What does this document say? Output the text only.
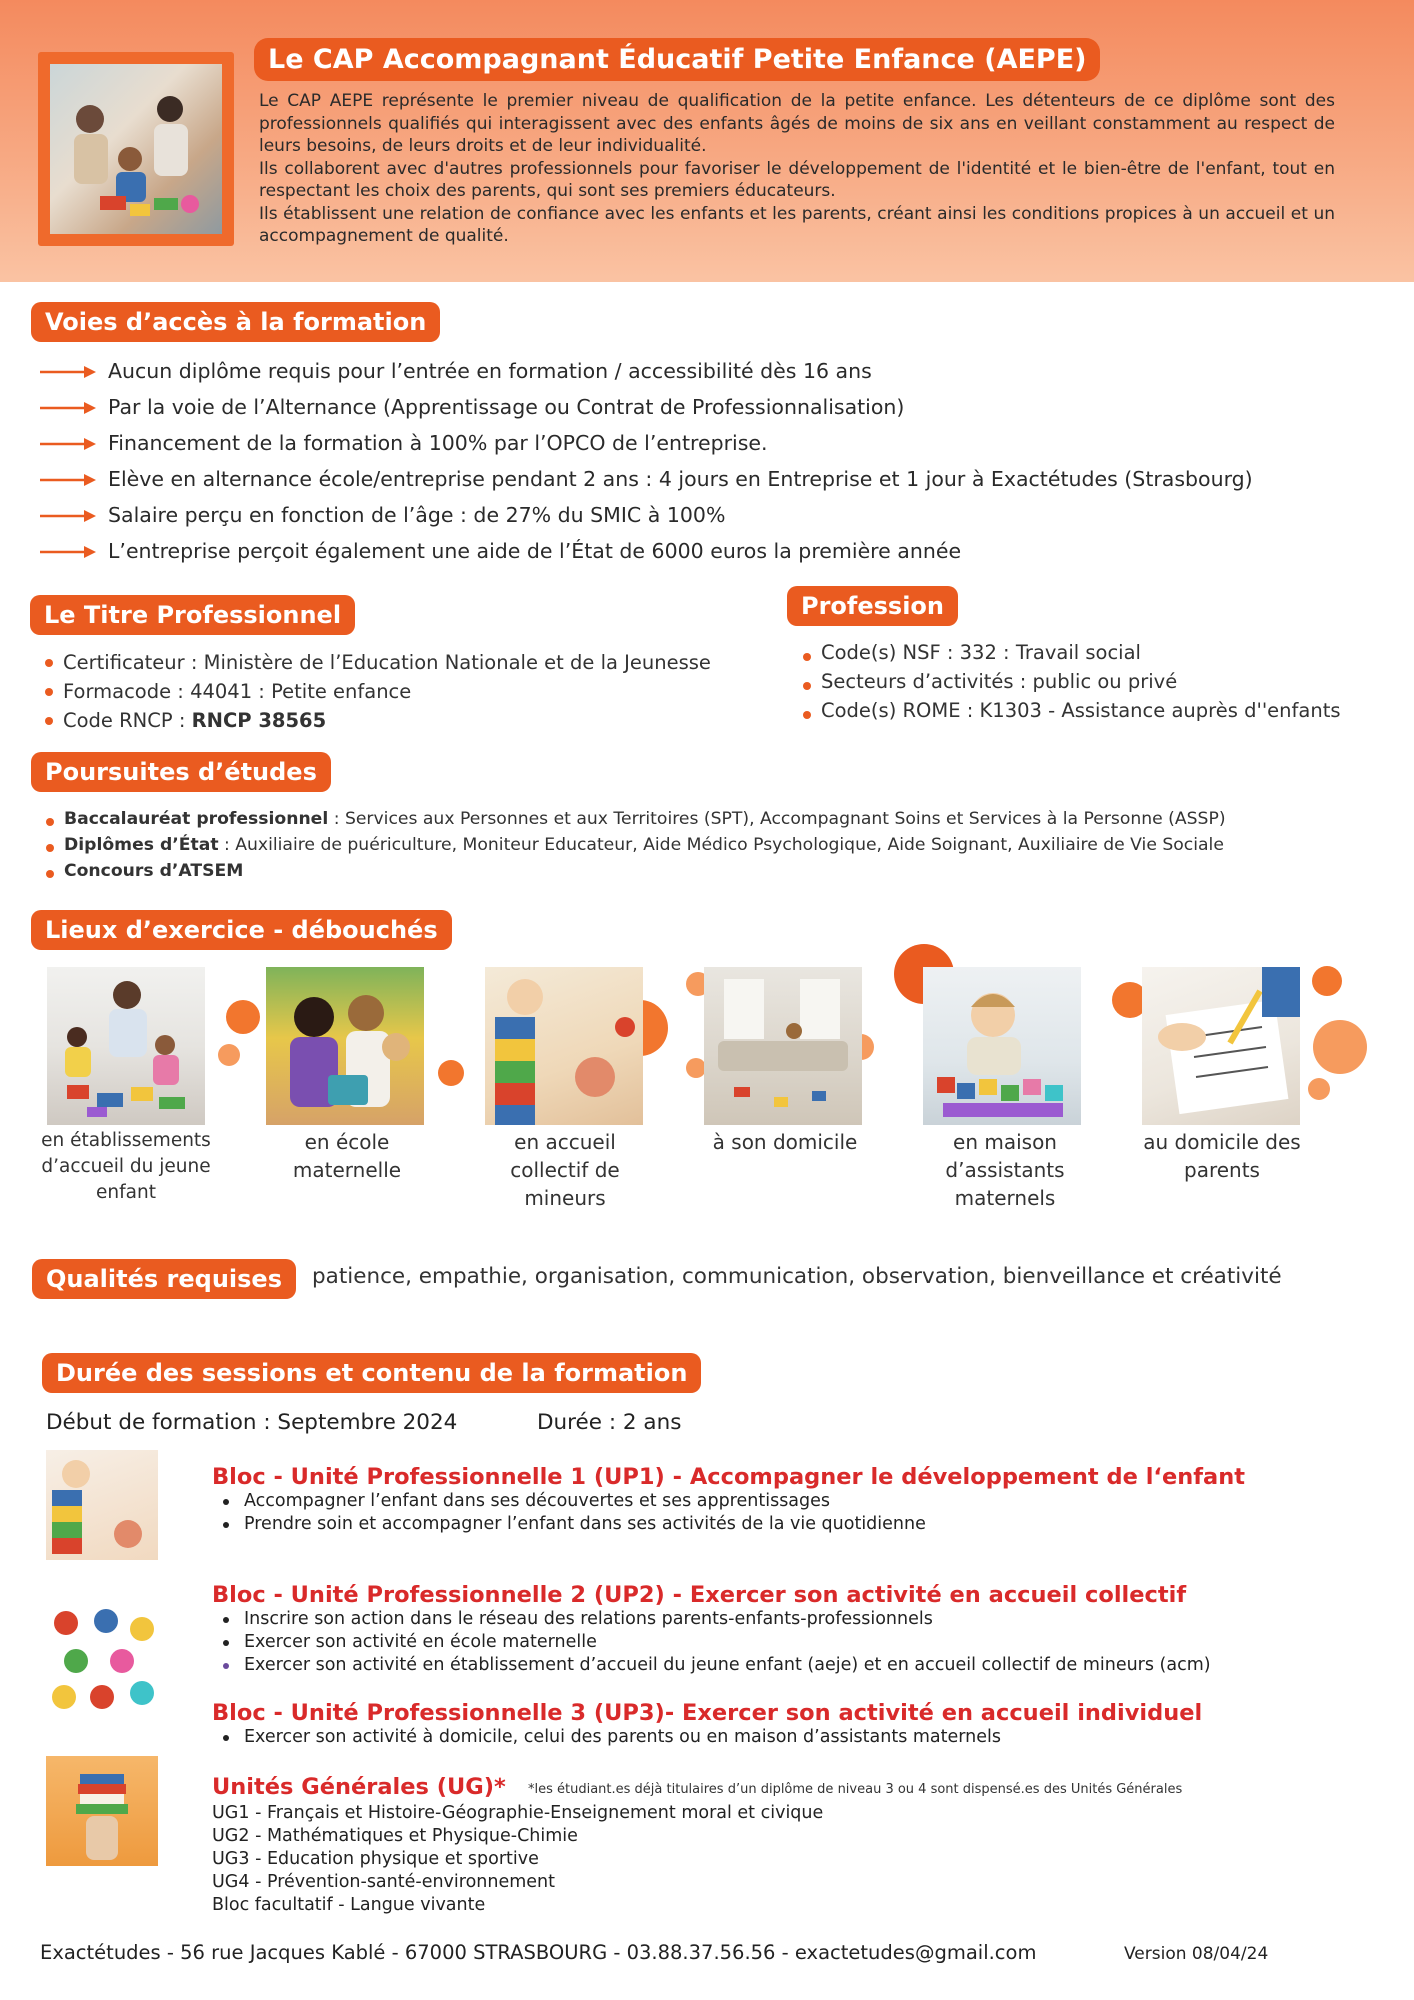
Le CAP Accompagnant Éducatif Petite Enfance (AEPE)

Le CAP AEPE représente le premier niveau de qualification de la petite enfance. Les détenteurs de ce diplôme sont des professionnels qualifiés qui interagissent avec des enfants âgés de moins de six ans en veillant constamment au respect de leurs besoins, de leurs droits et de leur individualité.

Ils collaborent avec d'autres professionnels pour favoriser le développement de l'identité et le bien-être de l'enfant, tout en respectant les choix des parents, qui sont ses premiers éducateurs.

Ils établissent une relation de confiance avec les enfants et les parents, créant ainsi les conditions propices à un accueil et un accompagnement de qualité.

Voies d’accès à la formation
Aucun diplôme requis pour l’entrée en formation / accessibilité dès 16 ans
Par la voie de l’Alternance (Apprentissage ou Contrat de Professionnalisation)
Financement de la formation à 100% par l’OPCO de l’entreprise.
Elève en alternance école/entreprise pendant 2 ans : 4 jours en Entreprise et 1 jour à Exactétudes (Strasbourg)
Salaire perçu en fonction de l’âge : de 27% du SMIC à 100%
L’entreprise perçoit également une aide de l’État de 6000 euros la première année
Le Titre Professionnel
Certificateur : Ministère de l’Education Nationale et de la Jeunesse
Formacode : 44041 : Petite enfance
Code RNCP : RNCP 38565
Profession
Code(s) NSF : 332 : Travail social
Secteurs d’activités : public ou privé
Code(s) ROME : K1303 - Assistance auprès d''enfants
Poursuites d’études
Baccalauréat professionnel : Services aux Personnes et aux Territoires (SPT), Accompagnant Soins et Services à la Personne (ASSP)
Diplômes d’État : Auxiliaire de puériculture, Moniteur Educateur, Aide Médico Psychologique, Aide Soignant, Auxiliaire de Vie Sociale
Concours d’ATSEM
Lieux d’exercice - débouchés
en établissements d’accueil du jeune enfant
en école maternelle
en accueil collectif de mineurs
à son domicile	en maison d’assistants maternels
au domicile des parents
Qualités requises	patience, empathie, organisation, communication, observation, bienveillance et créativité
Durée des sessions et contenu de la formation
Début de formation : Septembre 2024	Durée : 2 ans
Bloc - Unité Professionnelle 1 (UP1) - Accompagner le développement de l‘enfant
Accompagner l’enfant dans ses découvertes et ses apprentissages
Prendre soin et accompagner l’enfant dans ses activités de la vie quotidienne
Bloc - Unité Professionnelle 2 (UP2) - Exercer son activité en accueil collectif
Inscrire son action dans le réseau des relations parents-enfants-professionnels
Exercer son activité en école maternelle
Exercer son activité en établissement d’accueil du jeune enfant (aeje) et en accueil collectif de mineurs (acm)
Bloc - Unité Professionnelle 3 (UP3)- Exercer son activité en accueil individuel
Exercer son activité à domicile, celui des parents ou en maison d’assistants maternels
Unités Générales (UG)* *les étudiant.es déjà titulaires d’un diplôme de niveau 3 ou 4 sont dispensé.es des Unités Générales
UG1 - Français et Histoire-Géographie-Enseignement moral et civique
UG2 - Mathématiques et Physique-Chimie
UG3 - Education physique et sportive
UG4 - Prévention-santé-environnement
Bloc facultatif - Langue vivante
Exactétudes - 56 rue Jacques Kablé - 67000 STRASBOURG - 03.88.37.56.56 - exactetudes@gmail.com	Version 08/04/24
